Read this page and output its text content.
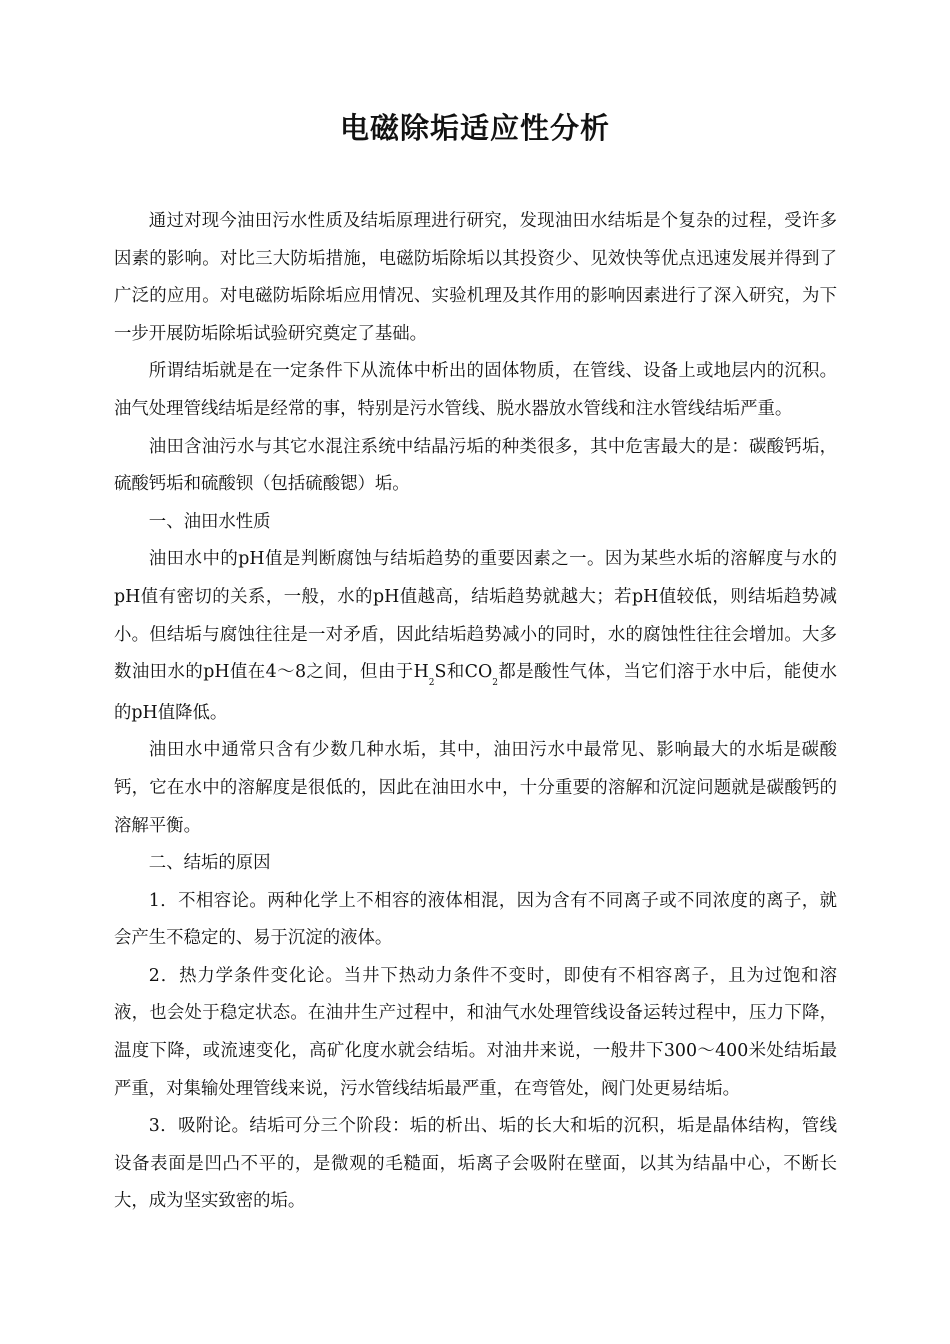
电磁除垢适应性分析

通过对现今油田污水性质及结垢原理进行研究，发现油田水结垢是个复杂的过程，受许多因素的影响。对比三大防垢措施，电磁防垢除垢以其投资少、见效快等优点迅速发展并得到了广泛的应用。对电磁防垢除垢应用情况、实验机理及其作用的影响因素进行了深入研究，为下一步开展防垢除垢试验研究奠定了基础。

所谓结垢就是在一定条件下从流体中析出的固体物质，在管线、设备上或地层内的沉积。油气处理管线结垢是经常的事，特别是污水管线、脱水器放水管线和注水管线结垢严重。

油田含油污水与其它水混注系统中结晶污垢的种类很多，其中危害最大的是：碳酸钙垢，硫酸钙垢和硫酸钡（包括硫酸锶）垢。

一、油田水性质

油田水中的pH值是判断腐蚀与结垢趋势的重要因素之一。因为某些水垢的溶解度与水的pH值有密切的关系，一般，水的pH值越高，结垢趋势就越大；若pH值较低，则结垢趋势减小。但结垢与腐蚀往往是一对矛盾，因此结垢趋势减小的同时，水的腐蚀性往往会增加。大多数油田水的pH值在4～8之间，但由于$H_2S$和$CO_2$都是酸性气体，当它们溶于水中后，能使水的pH值降低。

油田水中通常只含有少数几种水垢，其中，油田污水中最常见、影响最大的水垢是碳酸钙，它在水中的溶解度是很低的，因此在油田水中，十分重要的溶解和沉淀问题就是碳酸钙的溶解平衡。

二、结垢的原因

1．不相容论。两种化学上不相容的液体相混，因为含有不同离子或不同浓度的离子，就会产生不稳定的、易于沉淀的液体。

2．热力学条件变化论。当井下热动力条件不变时，即使有不相容离子，且为过饱和溶液，也会处于稳定状态。在油井生产过程中，和油气水处理管线设备运转过程中，压力下降，温度下降，或流速变化，高矿化度水就会结垢。对油井来说，一般井下300～400米处结垢最严重，对集输处理管线来说，污水管线结垢最严重，在弯管处，阀门处更易结垢。

3．吸附论。结垢可分三个阶段：垢的析出、垢的长大和垢的沉积，垢是晶体结构，管线设备表面是凹凸不平的，是微观的毛糙面，垢离子会吸附在壁面，以其为结晶中心，不断长大，成为坚实致密的垢。
